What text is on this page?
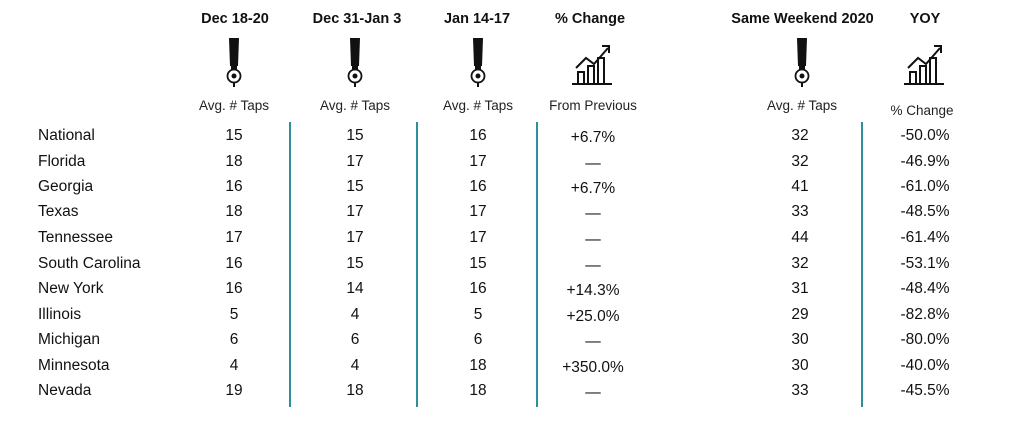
Dec 18-20	Dec 31-Jan 3	Jan 14-17	% Change	Same Weekend 2020	YOY
Avg. # Taps	Avg. # Taps	Avg. # Taps	From Previous	Avg. # Taps	% Change
National	15	15	16	+6.7%	32	-50.0%
Florida	18	17	17	—	32	-46.9%
Georgia	16	15	16	+6.7%	41	-61.0%
Texas	18	17	17	—	33	-48.5%
Tennessee	17	17	17	—	44	-61.4%
South Carolina	16	15	15	—	32	-53.1%
New York	16	14	16	+14.3%	31	-48.4%
Illinois	5	4	5	+25.0%	29	-82.8%
Michigan	6	6	6	—	30	-80.0%
Minnesota	4	4	18	+350.0%	30	-40.0%
Nevada	19	18	18	—	33	-45.5%
